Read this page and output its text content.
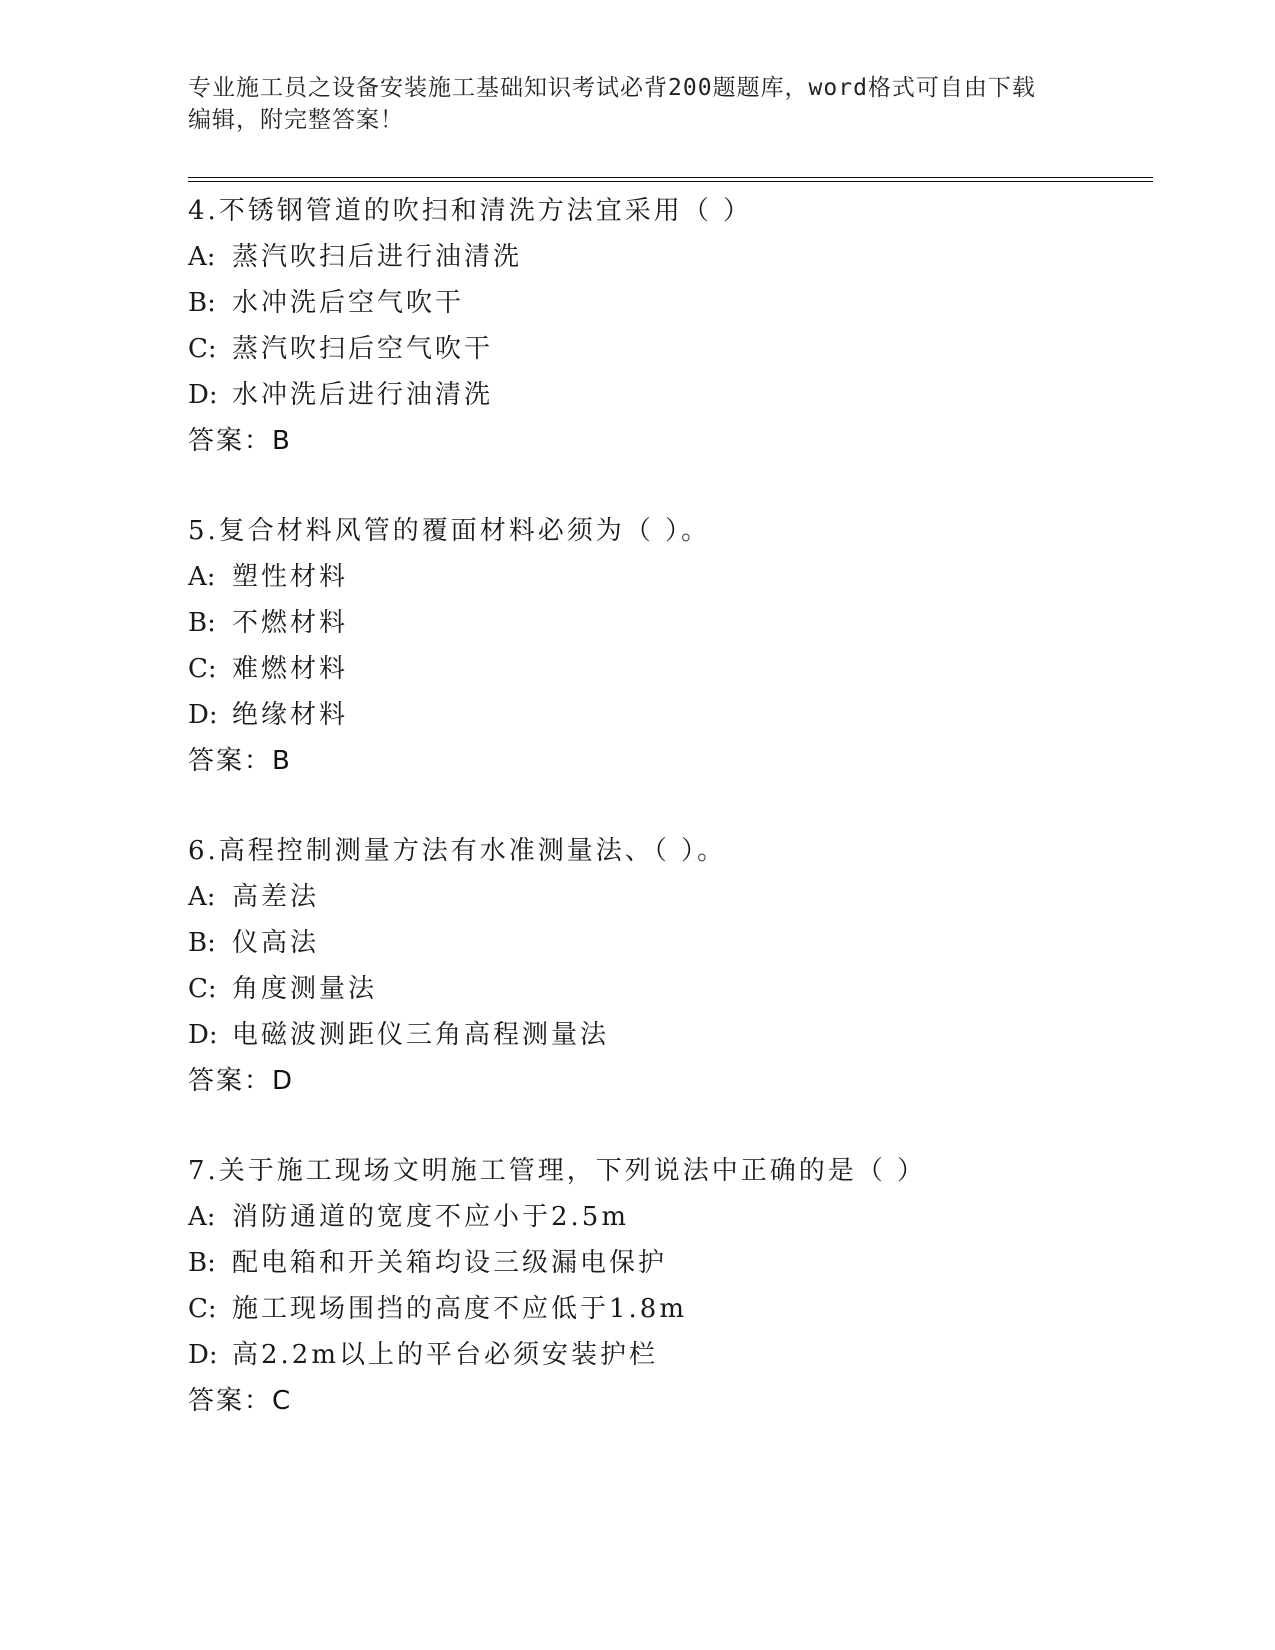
专业施工员之设备安装施工基础知识考试必背200题题库，word格式可自由下载
编辑，附完整答案！
4.不锈钢管道的吹扫和清洗方法宜采用（ ）
A: 蒸汽吹扫后进行油清洗
B: 水冲洗后空气吹干
C: 蒸汽吹扫后空气吹干
D: 水冲洗后进行油清洗
答案：B
5.复合材料风管的覆面材料必须为（ ）。
A: 塑性材料
B: 不燃材料
C: 难燃材料
D: 绝缘材料
答案：B
6.高程控制测量方法有水准测量法、（ ）。
A: 高差法
B: 仪高法
C: 角度测量法
D: 电磁波测距仪三角高程测量法
答案：D
7.关于施工现场文明施工管理，下列说法中正确的是（ ）
A: 消防通道的宽度不应小于2.5m
B: 配电箱和开关箱均设三级漏电保护
C: 施工现场围挡的高度不应低于1.8m
D: 高2.2m以上的平台必须安装护栏
答案：C
